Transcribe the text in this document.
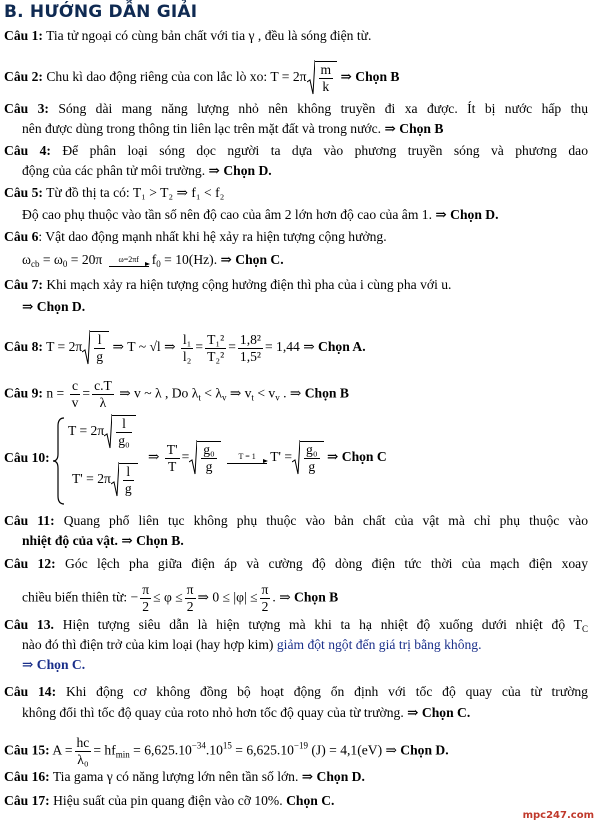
B. HƯỚNG DẪN GIẢI
Câu 1: Tia tử ngoại có cùng bản chất với tia γ , đều là sóng điện từ.
Câu 2: Chu kì dao động riêng của con lắc lò xo: $T = 2\pi \frac{m}{k}$ ⇒ Chọn B
Câu 3: Sóng dài mang năng lượng nhỏ nên không truyền đi xa được. Ít bị nước hấp thụ
nên được dùng trong thông tin liên lạc trên mặt đất và trong nước. ⇒ Chọn B
Câu 4: Để phân loại sóng dọc người ta dựa vào phương truyền sóng và phương dao
động của các phân tử môi trường. ⇒ Chọn D.
Câu 5: Từ đồ thị ta có: T₁ > T₂ ⇒ f₁ < f₂
Độ cao phụ thuộc vào tần số nên độ cao của âm 2 lớn hơn độ cao của âm 1. ⇒ Chọn D.
Câu 6: Vật dao động mạnh nhất khi hệ xảy ra hiện tượng cộng hưởng.
$\omega_{cb} = \omega_0 = 20\pi$	ω=2πf $f_0 = 10(Hz)$. ⇒ Chọn C.
Câu 7: Khi mạch xảy ra hiện tượng cộng hưởng điện thì pha của i cùng pha với u.
⇒ Chọn D.
Câu 8: $T = 2\pi \frac{l}{g}$ ⇒ T ~ √l ⇒ $\frac{\text{l₁}}{\text{l₂}} = \frac{\text{T₁²}}{\text{T₂²}} = \frac{\text{1,8²}}{\text{1,5²}} = 1,44$ ⇒ Chọn A.
Câu 9: $n = \frac{c}{v} = \frac{c.T}{\lambda}$ ⇒ v ~ λ , Do $\lambda_t < \lambda_v$ ⇒ $v_t < v_v$ . ⇒ Chọn B
Câu 10:
$T = 2\pi \frac{l}{\text{g₀}}$
$T' = 2\pi \frac{l}{g}$
⇒ $\frac{T'}{T} = \frac{\text{g₀}}{g}$
	T = 1	$T' = \frac{\text{g₀}}{g}$ ⇒ Chọn C
Câu 11: Quang phổ liên tục không phụ thuộc vào bản chất của vật mà chỉ phụ thuộc vào
nhiệt độ của vật. ⇒ Chọn B.
Câu 12: Góc lệch pha giữa điện áp và cường độ dòng điện tức thời của mạch điện xoay
chiều biến thiên từ: − $\frac{\pi}{2} \le \varphi \le \frac{\pi}{2}$ ⇒ $0 \le |\varphi| \le \frac{\pi}{2}$ . ⇒ Chọn B
Câu 13. Hiện tượng siêu dẫn là hiện tượng mà khi ta hạ nhiệt độ xuống dưới nhiệt độ $T_C$
nào đó thì điện trở của kim loại (hay hợp kim) giảm đột ngột đến giá trị bằng không.
⇒ Chọn C.
Câu 14: Khi động cơ không đồng bộ hoạt động ổn định với tốc độ quay của từ trường
không đổi thì tốc độ quay của roto nhỏ hơn tốc độ quay của từ trường. ⇒ Chọn C.
Câu 15: $A = \frac{hc}{\text{λ₀}} = hf_{min} = 6,625.10^{-34}.10^{15} = 6,625.10^{-19}$ (J) = 4,1(eV) ⇒ Chọn D.
Câu 16: Tia gama γ có năng lượng lớn nên tần số lớn. ⇒ Chọn D.
Câu 17: Hiệu suất của pin quang điện vào cỡ 10%. Chọn C.
mpc247.com
